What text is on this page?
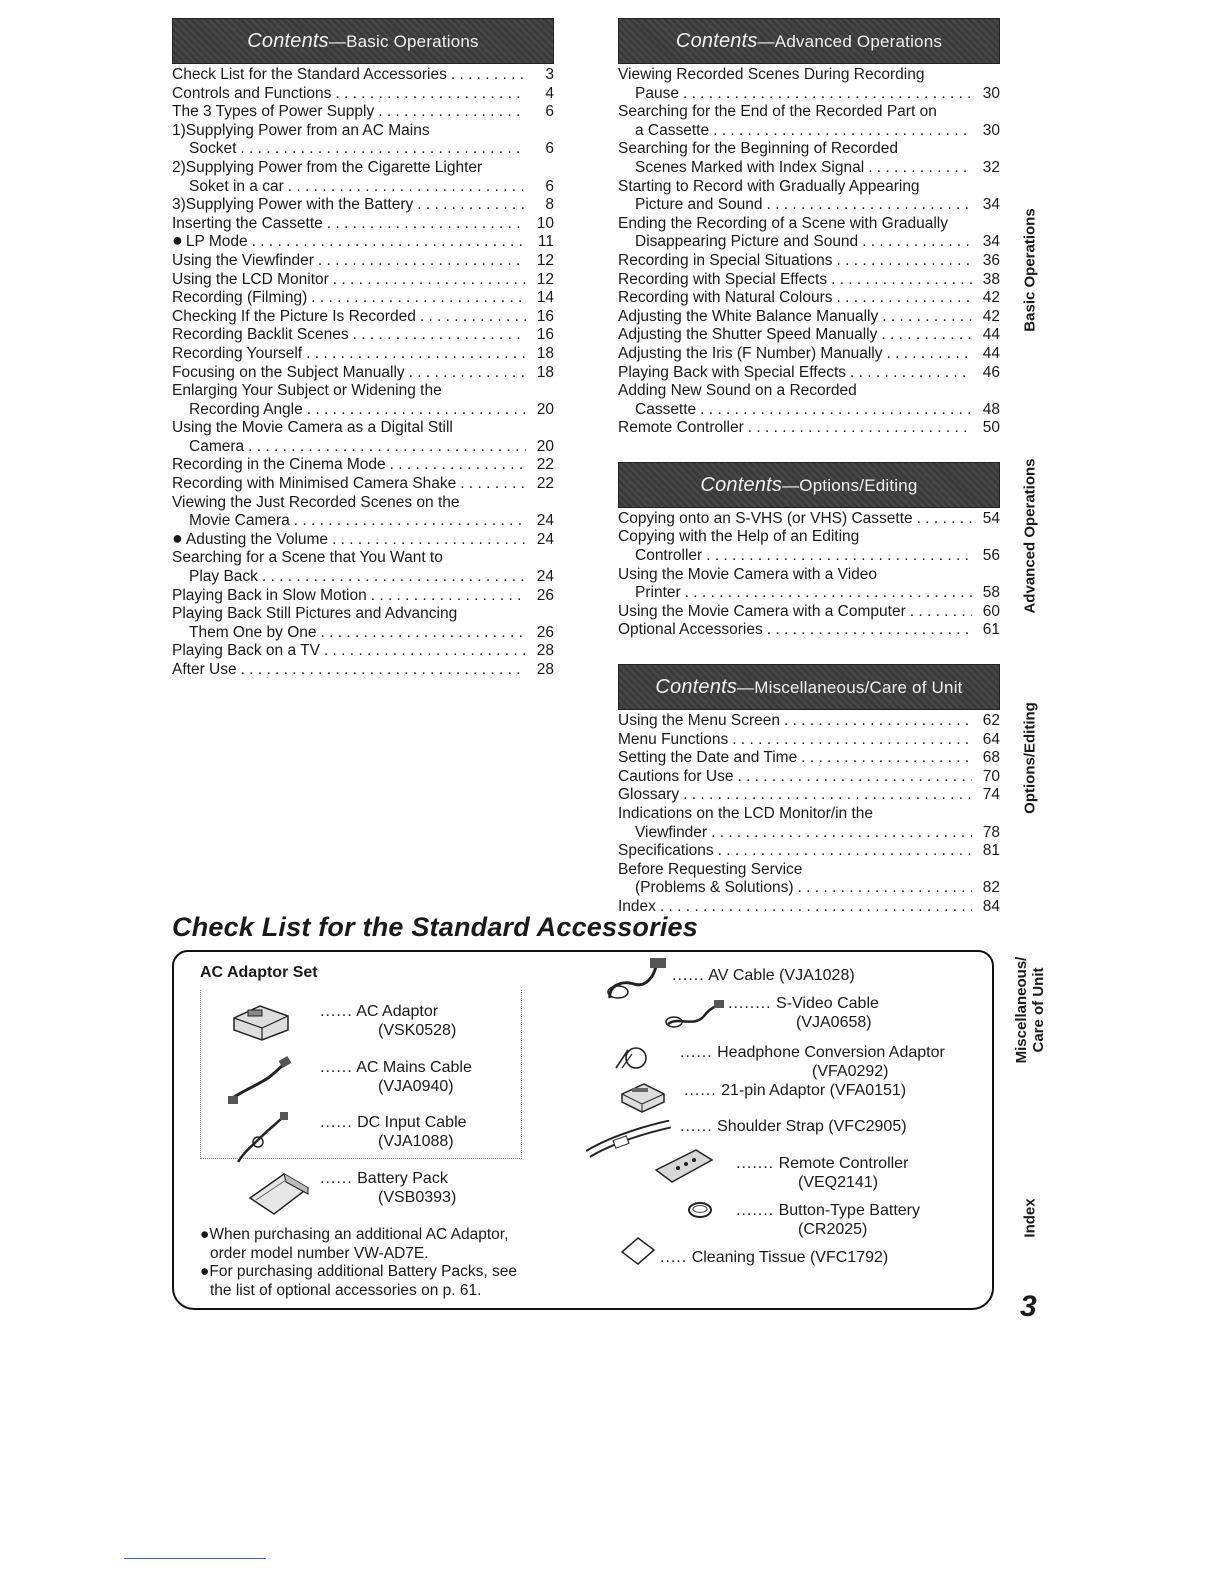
Contents—Basic Operations
Check List for the Standard Accessories . . .	3
Controls and Functions . . .	4
The 3 Types of Power Supply . . .	6
1)Supplying Power from an AC Mains
Socket . . .	6
2)Supplying Power from the Cigarette Lighter
Soket in a car . . .	6
3)Supplying Power with the Battery . . .	8
Inserting the Cassette . . .	10
● LP Mode . . .	11
Using the Viewfinder . . .	12
Using the LCD Monitor . . .	12
Recording (Filming) . . .	14
Checking If the Picture Is Recorded . . .	16
Recording Backlit Scenes . . .	16
Recording Yourself . . .	18
Focusing on the Subject Manually . . .	18
Enlarging Your Subject or Widening the
Recording Angle . . .	20
Using the Movie Camera as a Digital Still
Camera . . .	20
Recording in the Cinema Mode . . .	22
Recording with Minimised Camera Shake . . .	22
Viewing the Just Recorded Scenes on the
Movie Camera . . .	24
● Adusting the Volume . . .	24
Searching for a Scene that You Want to
Play Back . . .	24
Playing Back in Slow Motion . . .	26
Playing Back Still Pictures and Advancing
Them One by One . . .	26
Playing Back on a TV . . .	28
After Use . . .	28
Contents—Advanced Operations
Viewing Recorded Scenes During Recording
Pause . . .	30
Searching for the End of the Recorded Part on
a Cassette . . .	30
Searching for the Beginning of Recorded
Scenes Marked with Index Signal . . .	32
Starting to Record with Gradually Appearing
Picture and Sound . . .	34
Ending the Recording of a Scene with Gradually
Disappearing Picture and Sound . . .	34
Recording in Special Situations . . .	36
Recording with Special Effects . . .	38
Recording with Natural Colours . . .	42
Adjusting the White Balance Manually . . .	42
Adjusting the Shutter Speed Manually . . .	44
Adjusting the Iris (F Number) Manually . . .	44
Playing Back with Special Effects . . .	46
Adding New Sound on a Recorded
Cassette . . .	48
Remote Controller . . .	50
Contents—Options/Editing
Copying onto an S-VHS (or VHS) Cassette . . .	54
Copying with the Help of an Editing
Controller . . .	56
Using the Movie Camera with a Video
Printer . . .	58
Using the Movie Camera with a Computer . . .	60
Optional Accessories . . .	61
Contents—Miscellaneous/Care of Unit
Using the Menu Screen . . .	62
Menu Functions . . .	64
Setting the Date and Time . . .	68
Cautions for Use . . .	70
Glossary . . .	74
Indications on the LCD Monitor/in the
Viewfinder . . .	78
Specifications . . .	81
Before Requesting Service
(Problems & Solutions) . . .	82
Index . . .	84
Basic Operations
Advanced Operations
Options/Editing
Miscellaneous/ Care of Unit
Index
Check List for the Standard Accessories
AC Adaptor Set
...... AC Adaptor
(VSK0528)
...... AC Mains Cable
(VJA0940)
...... DC Input Cable
(VJA1088)
...... Battery Pack
(VSB0393)
●When purchasing an additional AC Adaptor,
order model number VW-AD7E.
●For purchasing additional Battery Packs, see
the list of optional accessories on p. 61.
...... AV Cable (VJA1028)
........ S-Video Cable
(VJA0658)
...... Headphone Conversion Adaptor
(VFA0292)
...... 21-pin Adaptor (VFA0151)
...... Shoulder Strap (VFC2905)
....... Remote Controller
(VEQ2141)
....... Button-Type Battery
(CR2025)
..... Cleaning Tissue (VFC1792)
3
